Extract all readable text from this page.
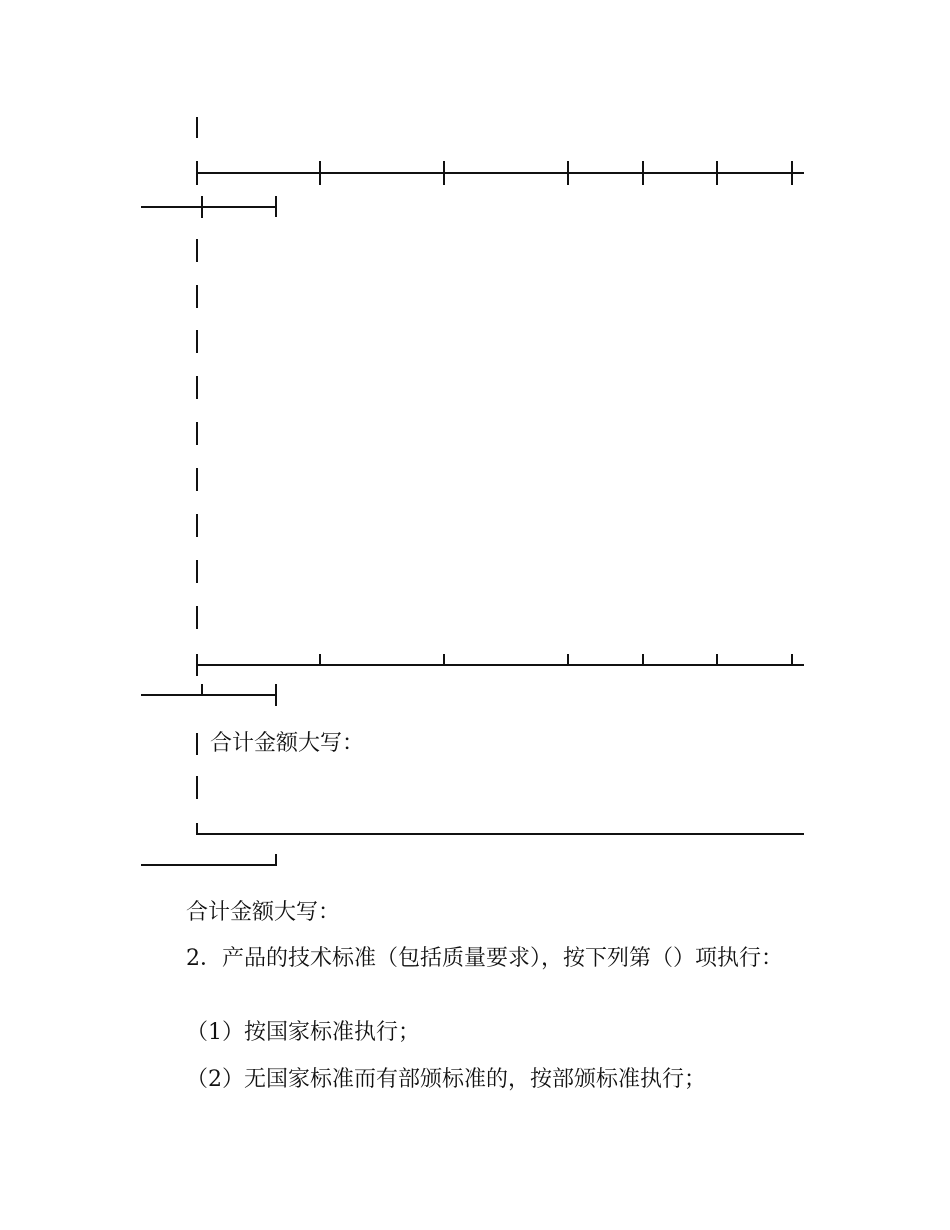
合计金额大写：
合计金额大写：
2．产品的技术标准（包括质量要求），按下列第（）项执行：
（1）按国家标准执行；
（2）无国家标准而有部颁标准的，按部颁标准执行；
